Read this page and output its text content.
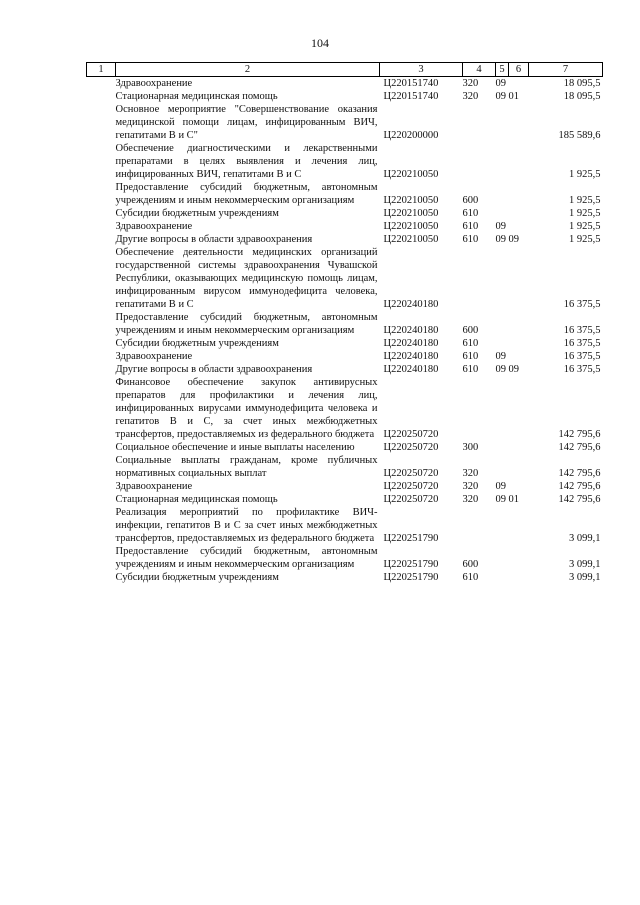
104
1	2	3	4	5	6	7
	Здравоохранение	Ц220151740	320	09		18 095,5
	Стационарная медицинская помощь	Ц220151740	320	09	01	18 095,5
	Основное мероприятие "Совершенствование оказания медицинской помощи лицам, инфицированным ВИЧ, гепатитами В и С"	Ц220200000				185 589,6
	Обеспечение диагностическими и лекарственными препаратами в целях выявления и лечения лиц, инфицированных ВИЧ, гепатитами В и С	Ц220210050				1 925,5
	Предоставление субсидий бюджетным, автономным учреждениям и иным некоммерческим организациям	Ц220210050	600			1 925,5
	Субсидии бюджетным учреждениям	Ц220210050	610			1 925,5
	Здравоохранение	Ц220210050	610	09		1 925,5
	Другие вопросы в области здравоохранения	Ц220210050	610	09	09	1 925,5
	Обеспечение деятельности медицинских организаций государственной системы здравоохранения Чувашской Республики, оказывающих медицинскую помощь лицам, инфицированным вирусом иммунодефицита человека, гепатитами В и С	Ц220240180				16 375,5
	Предоставление субсидий бюджетным, автономным учреждениям и иным некоммерческим организациям	Ц220240180	600			16 375,5
	Субсидии бюджетным учреждениям	Ц220240180	610			16 375,5
	Здравоохранение	Ц220240180	610	09		16 375,5
	Другие вопросы в области здравоохранения	Ц220240180	610	09	09	16 375,5
	Финансовое обеспечение закупок антивирусных препаратов для профилактики и лечения лиц, инфицированных вирусами иммунодефицита человека и гепатитов В и С, за счет иных межбюджетных трансфертов, предоставляемых из федерального бюджета	Ц220250720				142 795,6
	Социальное обеспечение и иные выплаты населению	Ц220250720	300			142 795,6
	Социальные выплаты гражданам, кроме публичных нормативных социальных выплат	Ц220250720	320			142 795,6
	Здравоохранение	Ц220250720	320	09		142 795,6
	Стационарная медицинская помощь	Ц220250720	320	09	01	142 795,6
	Реализация мероприятий по профилактике ВИЧ-инфекции, гепатитов В и С за счет иных межбюджетных трансфертов, предоставляемых из федерального бюджета	Ц220251790				3 099,1
	Предоставление субсидий бюджетным, автономным учреждениям и иным некоммерческим организациям	Ц220251790	600			3 099,1
	Субсидии бюджетным учреждениям	Ц220251790	610			3 099,1
